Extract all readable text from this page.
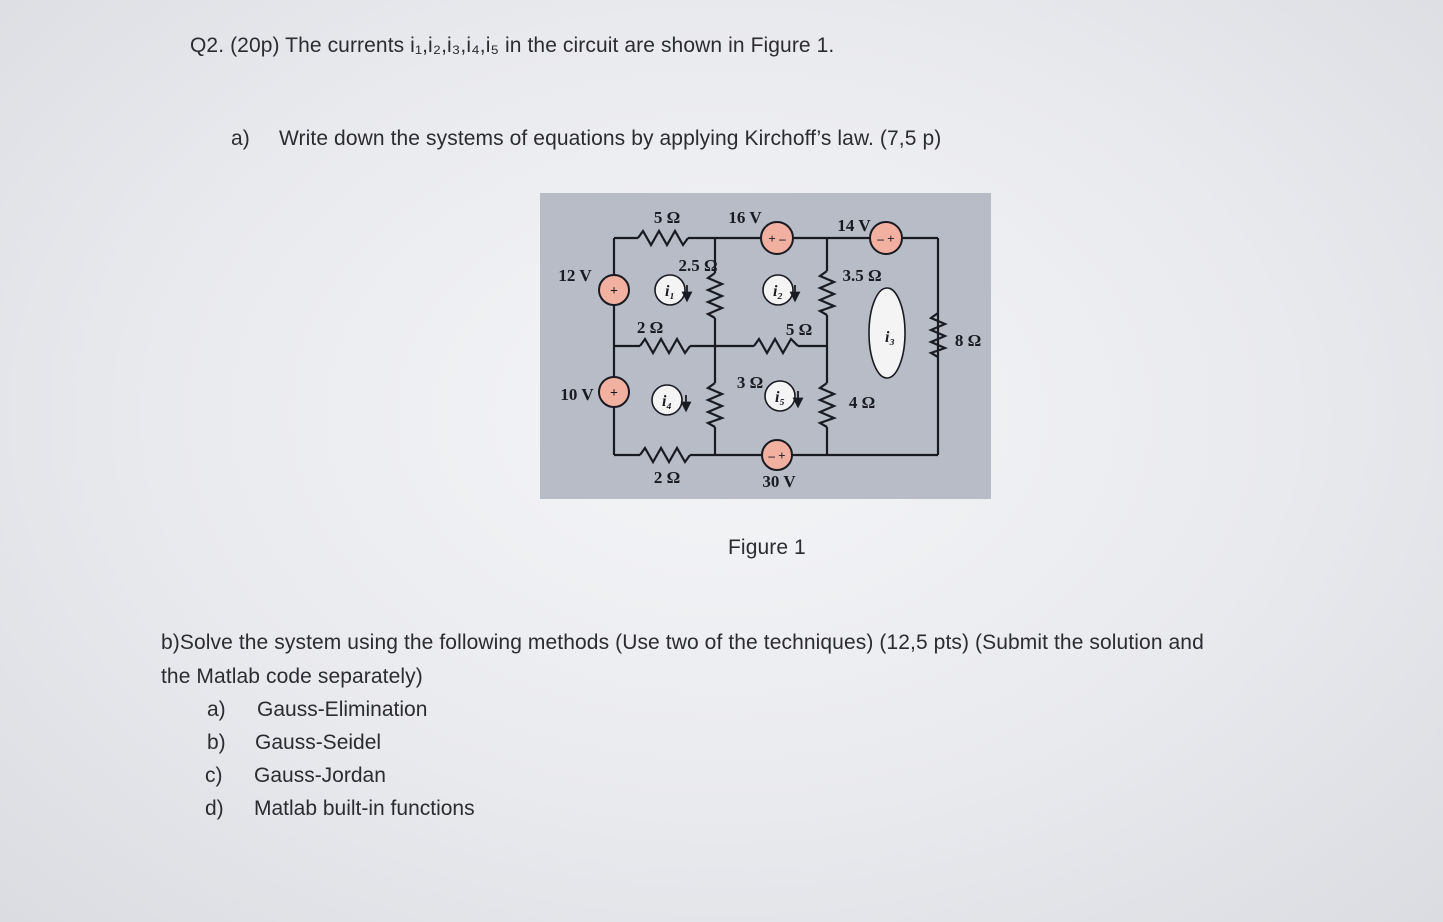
Q2. (20p) The currents i₁,i₂,i₃,i₄,i₅ in the circuit are shown in Figure 1.
a) Write down the systems of equations by applying Kirchoff’s law. (7,5 p)
+ –	– +
+
+
– +
i₁	i₂
i₃
i₄	i₅
5 Ω	16 V	14 V
12 V
2.5 Ω
3.5 Ω
2 Ω	5 Ω
8 Ω
10 V
3 Ω
4 Ω
2 Ω	30 V
Figure 1
b)Solve the system using the following methods (Use two of the techniques) (12,5 pts) (Submit the solution and
the Matlab code separately)
a) Gauss-Elimination
b) Gauss-Seidel
c) Gauss-Jordan
d) Matlab built-in functions
